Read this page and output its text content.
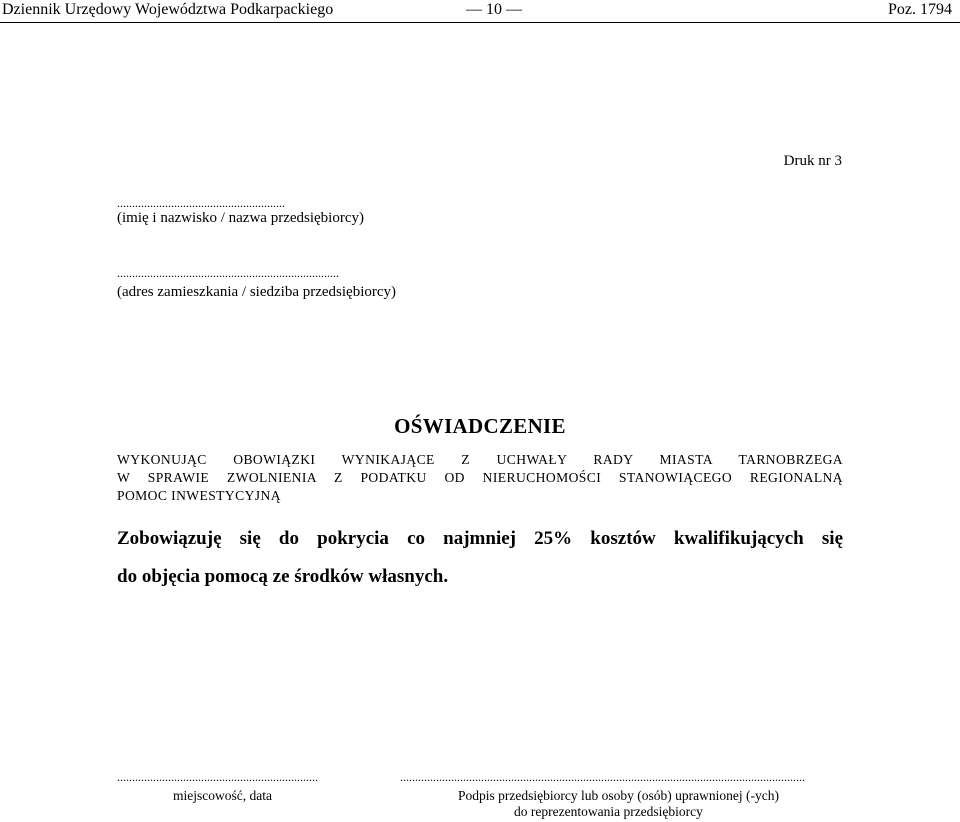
Dziennik Urzędowy Województwa Podkarpackiego	— 10 —	Poz. 1794
Druk nr 3
........................................................
(imię i nazwisko / nazwa przedsiębiorcy)
..........................................................................
(adres zamieszkania / siedziba przedsiębiorcy)
OŚWIADCZENIE
WYKONUJĄC OBOWIĄZKI WYNIKAJĄCE Z UCHWAŁY RADY MIASTA TARNOBRZEGA
W SPRAWIE ZWOLNIENIA Z PODATKU OD NIERUCHOMOŚCI STANOWIĄCEGO REGIONALNĄ
POMOC INWESTYCYJNĄ
Zobowiązuję się do pokrycia co najmniej 25% kosztów kwalifikujących się
do objęcia pomocą ze środków własnych.
...................................................................
miejscowość, data
.......................................................................................................................................
Podpis przedsiębiorcy lub osoby (osób) uprawnionej (-ych)
do reprezentowania przedsiębiorcy
